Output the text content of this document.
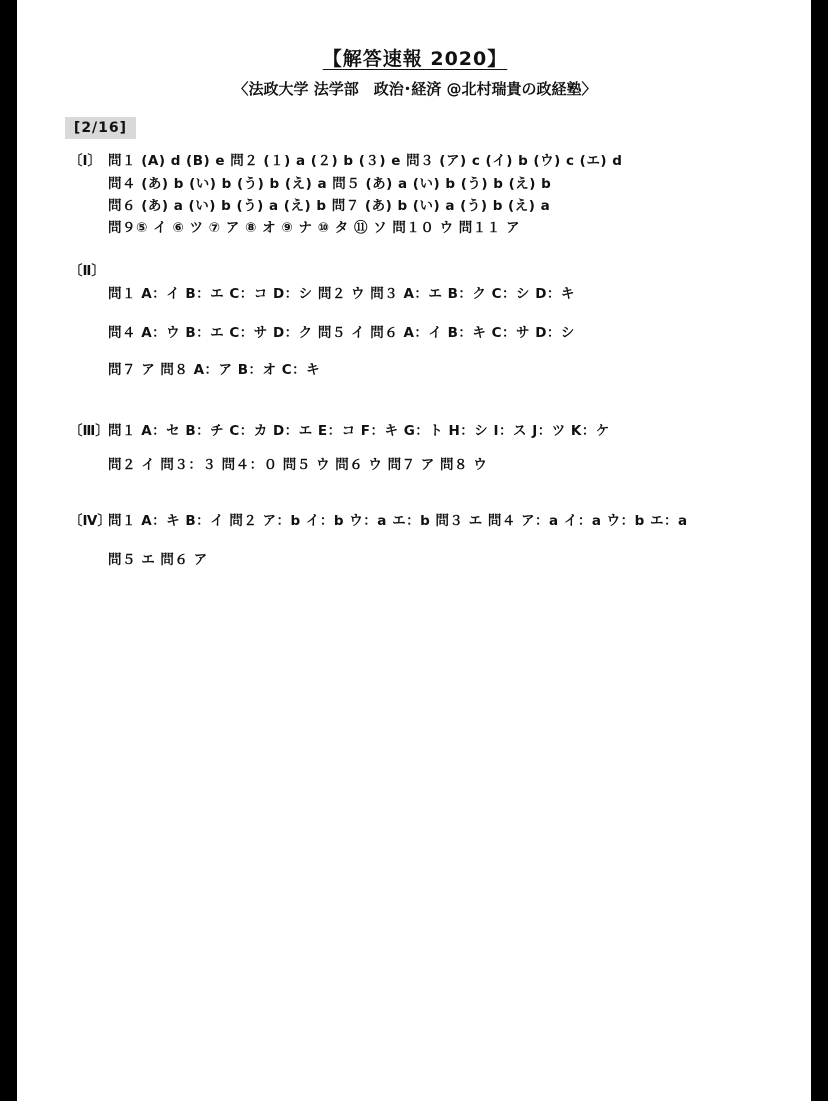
【解答速報 2020】
〈法政大学 法学部　政治･経済 @北村瑞貴の政経塾〉
[2/16]
〔Ⅰ〕 問１ (A) d (B) e 問２ (１) a (２) b (３) e 問３ (ア) c (イ) b (ウ) c (エ) d
問４ (あ) b (い) b (う) b (え) a 問５ (あ) a (い) b (う) b (え) b
問６ (あ) a (い) b (う) a (え) b 問７ (あ) b (い) a (う) b (え) a
問９⑤ イ ⑥ ツ ⑦ ア ⑧ オ ⑨ ナ ⑩ タ ⑪ ソ 問１０ ウ 問１１ ア
〔Ⅱ〕
問１ A：イ B：エ C：コ D：シ 問２ ウ 問３ A：エ B：ク C：シ D：キ
問４ A：ウ B：エ C：サ D：ク 問５ イ 問６ A：イ B：キ C：サ D：シ
問７ ア 問８ A：ア B：オ C：キ
〔Ⅲ〕 問１ A：セ B：チ C：カ D：エ E：コ F：キ G：ト H：シ I：ス J：ツ K：ケ
問２ イ 問３：３ 問４：０ 問５ ウ 問６ ウ 問７ ア 問８ ウ
〔Ⅳ〕
問１ A：キ B：イ 問２ ア：b イ：b ウ：a エ：b 問３ エ 問４ ア：a イ：a ウ：b エ：a
問５ エ 問６ ア
